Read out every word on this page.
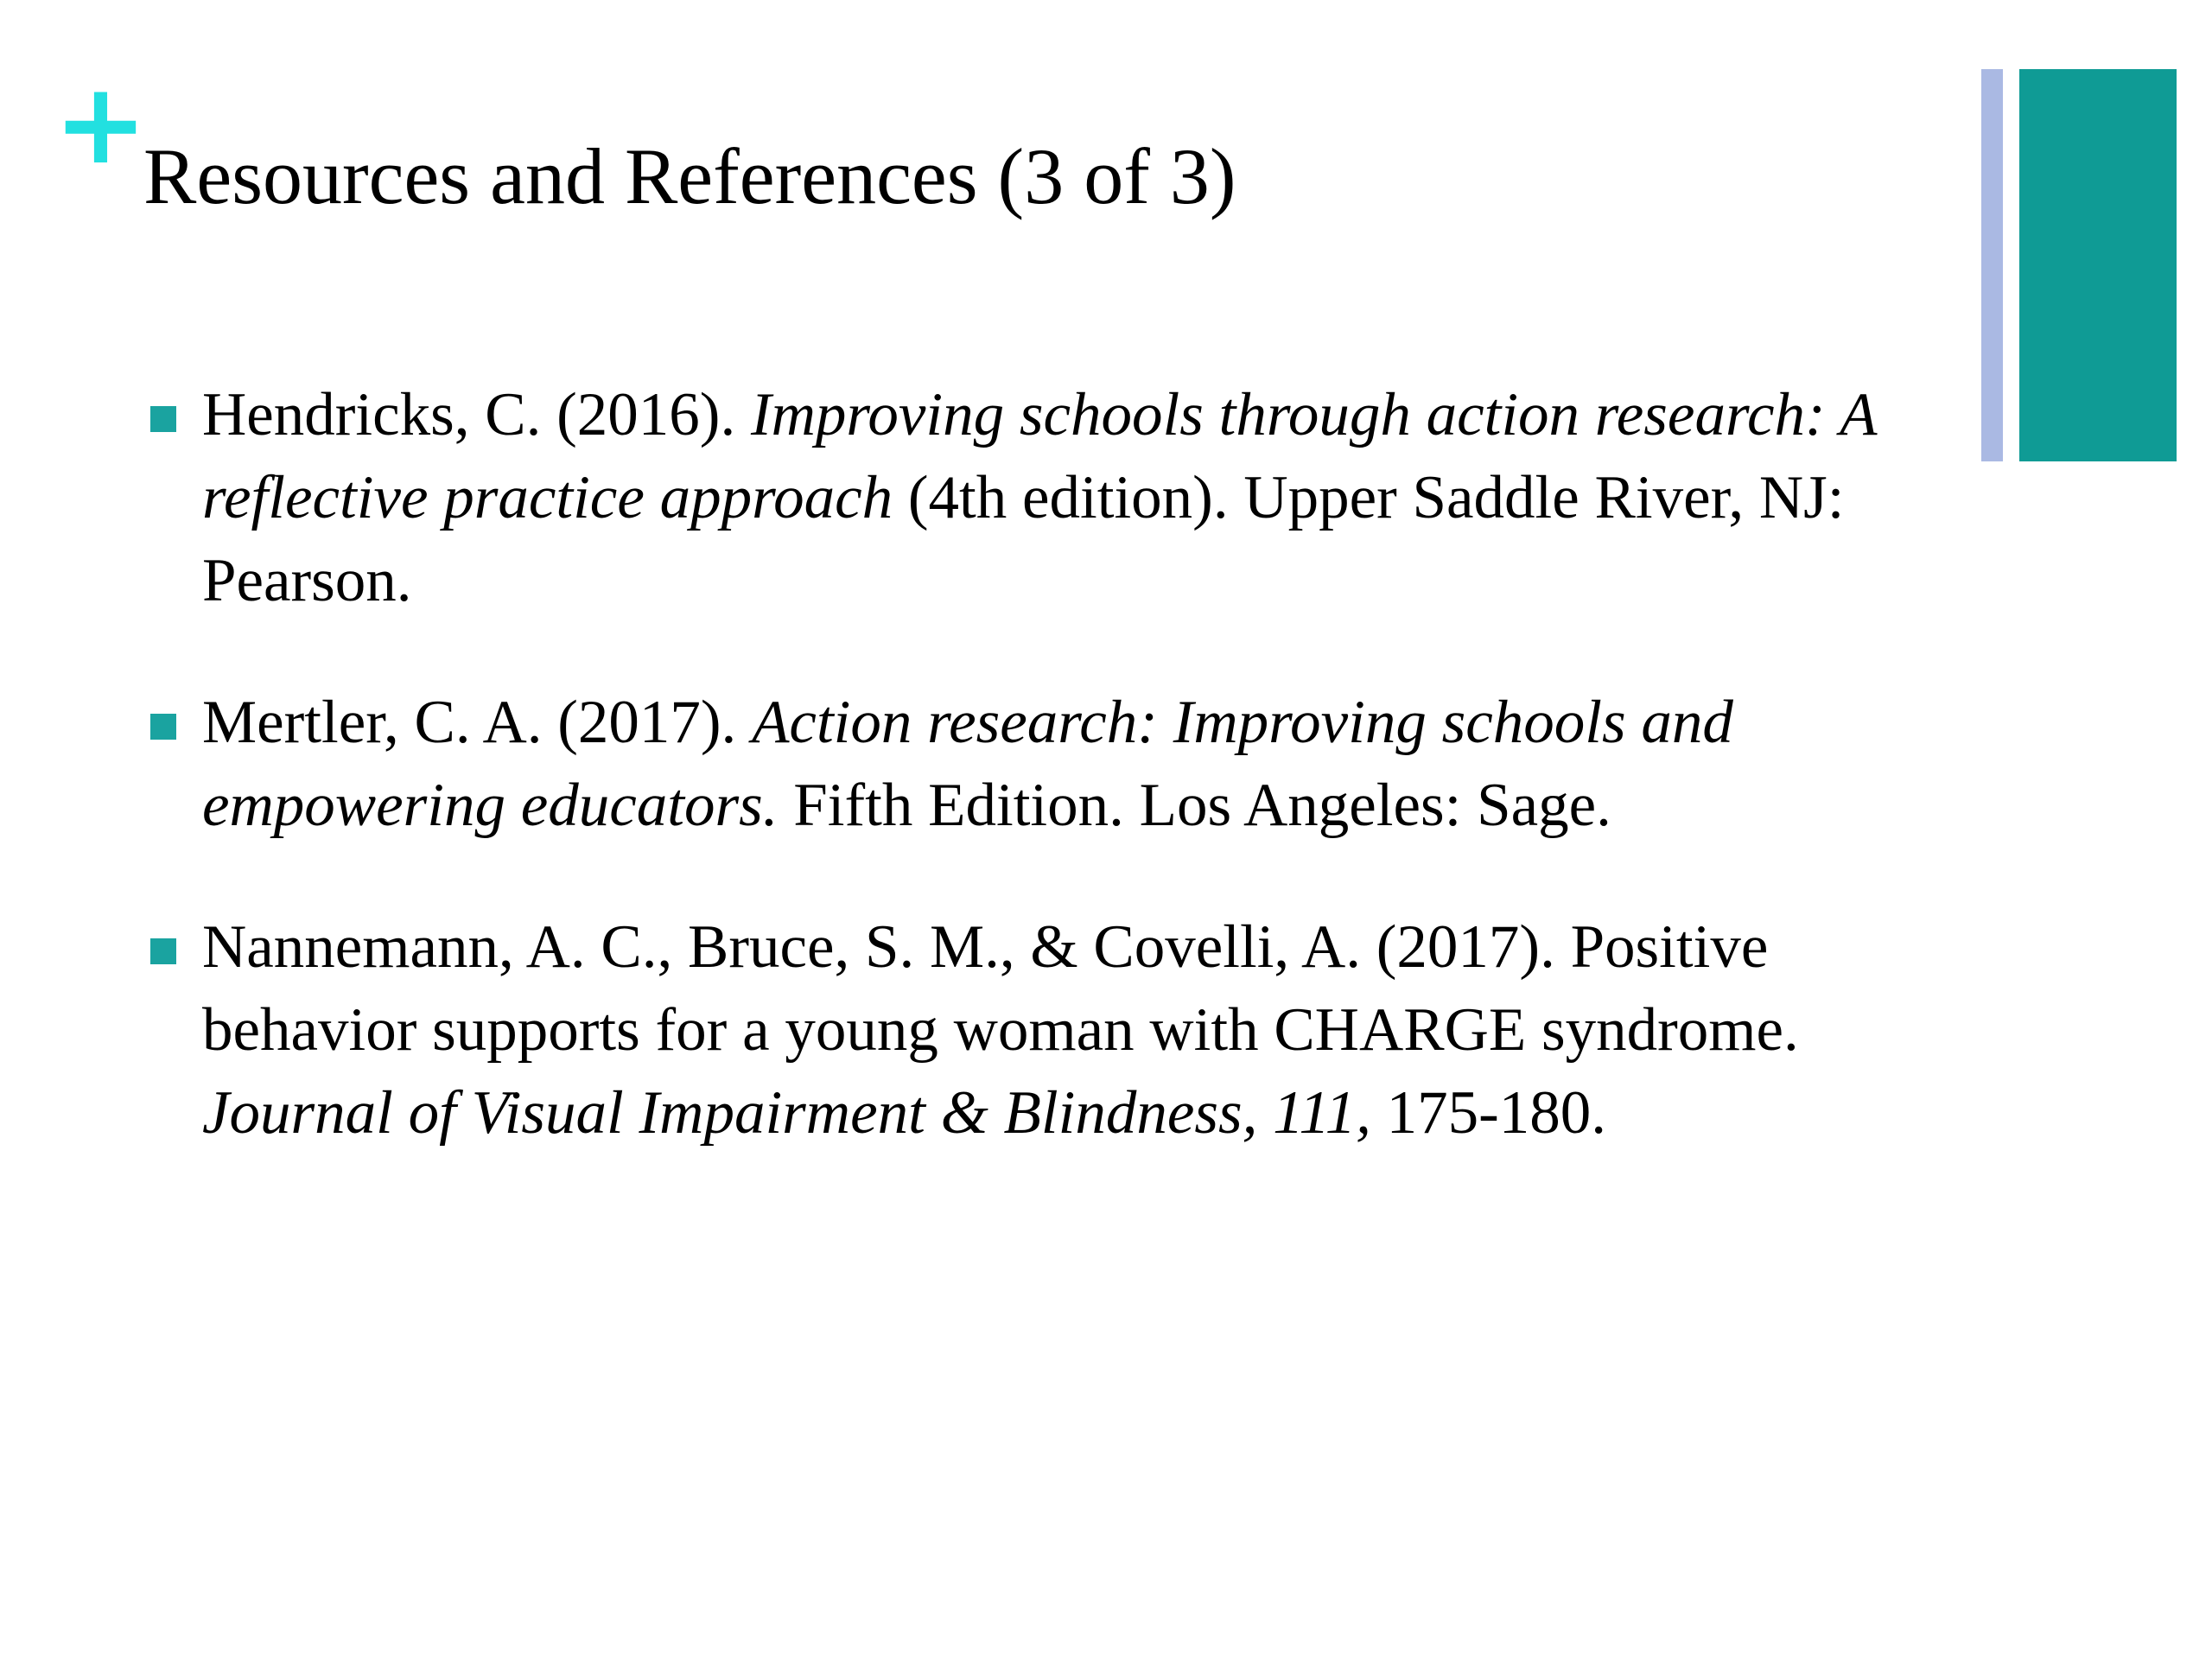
+
Resources and References (3 of 3)
Hendricks, C. (2016). Improving schools through action research: A reflective practice approach (4th edition). Upper Saddle River, NJ: Pearson.
Mertler, C. A. (2017). Action research: Improving schools and empowering educators. Fifth Edition. Los Angeles: Sage.
Nannemann, A. C., Bruce, S. M., & Covelli, A. (2017). Positive behavior supports for a young woman with CHARGE syndrome. Journal of Visual Impairment & Blindness, 111, 175-180.
